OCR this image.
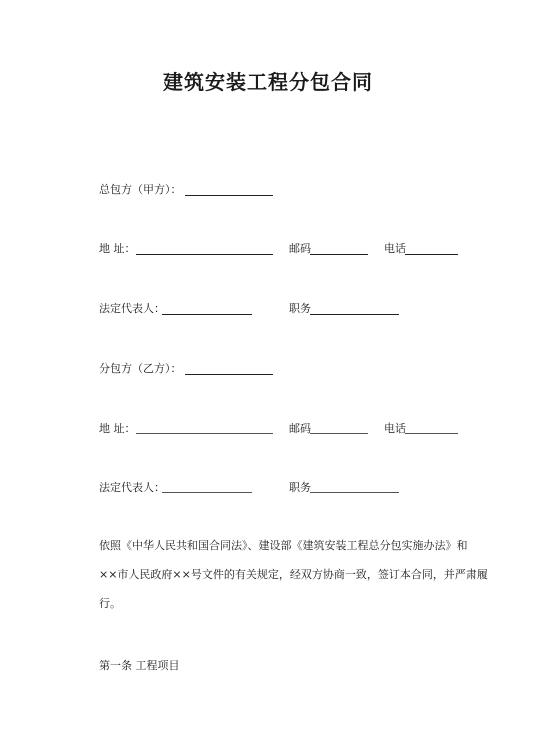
建筑安装工程分包合同
总包方（甲方）：
地 址：	邮码	电话
法定代表人：	职务
分包方（乙方）：
地 址：	邮码	电话
法定代表人：	职务
依照《中华人民共和国合同法》、建设部《建筑安装工程总分包实施办法》和
××市人民政府××号文件的有关规定，经双方协商一致，签订本合同，并严肃履
行。
第一条 工程项目
